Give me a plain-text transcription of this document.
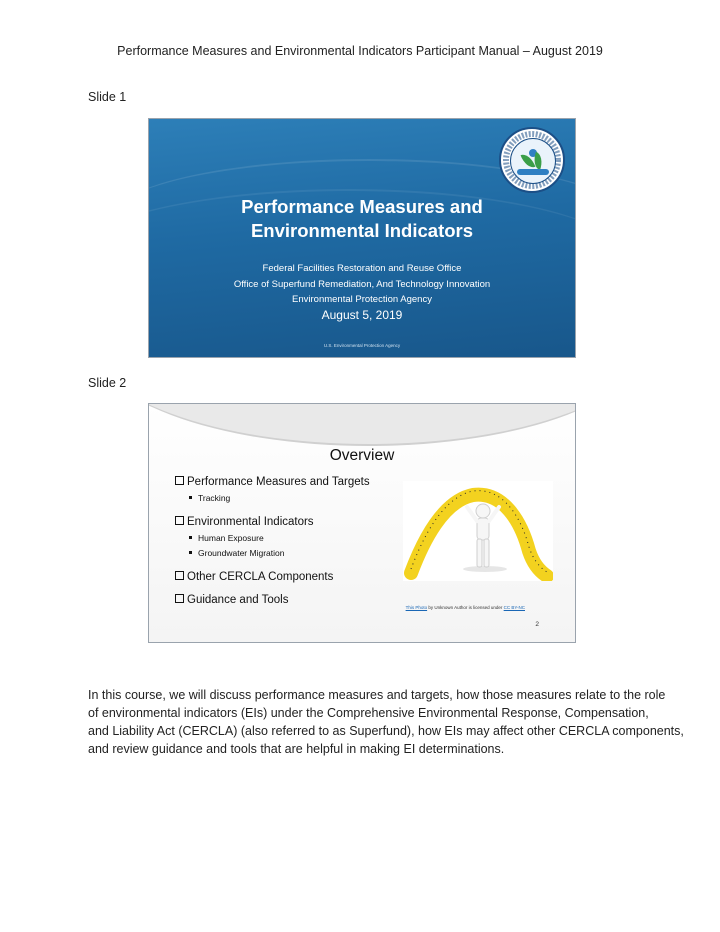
Performance Measures and Environmental Indicators Participant Manual – August 2019
Slide 1
Performance Measures and
Environmental Indicators
Federal Facilities Restoration and Reuse Office
Office of Superfund Remediation, And Technology Innovation
Environmental Protection Agency
August 5, 2019
U.S. Environmental Protection Agency
Slide 2
Overview
Performance Measures and Targets
Tracking
Environmental Indicators
Human Exposure
Groundwater Migration
Other CERCLA Components
Guidance and Tools
This Photo by Unknown Author is licensed under CC BY-NC
2
In this course, we will discuss performance measures and targets, how those measures relate to the role
of environmental indicators (EIs) under the Comprehensive Environmental Response, Compensation,
and Liability Act (CERCLA) (also referred to as Superfund), how EIs may affect other CERCLA components,
and review guidance and tools that are helpful in making EI determinations.
